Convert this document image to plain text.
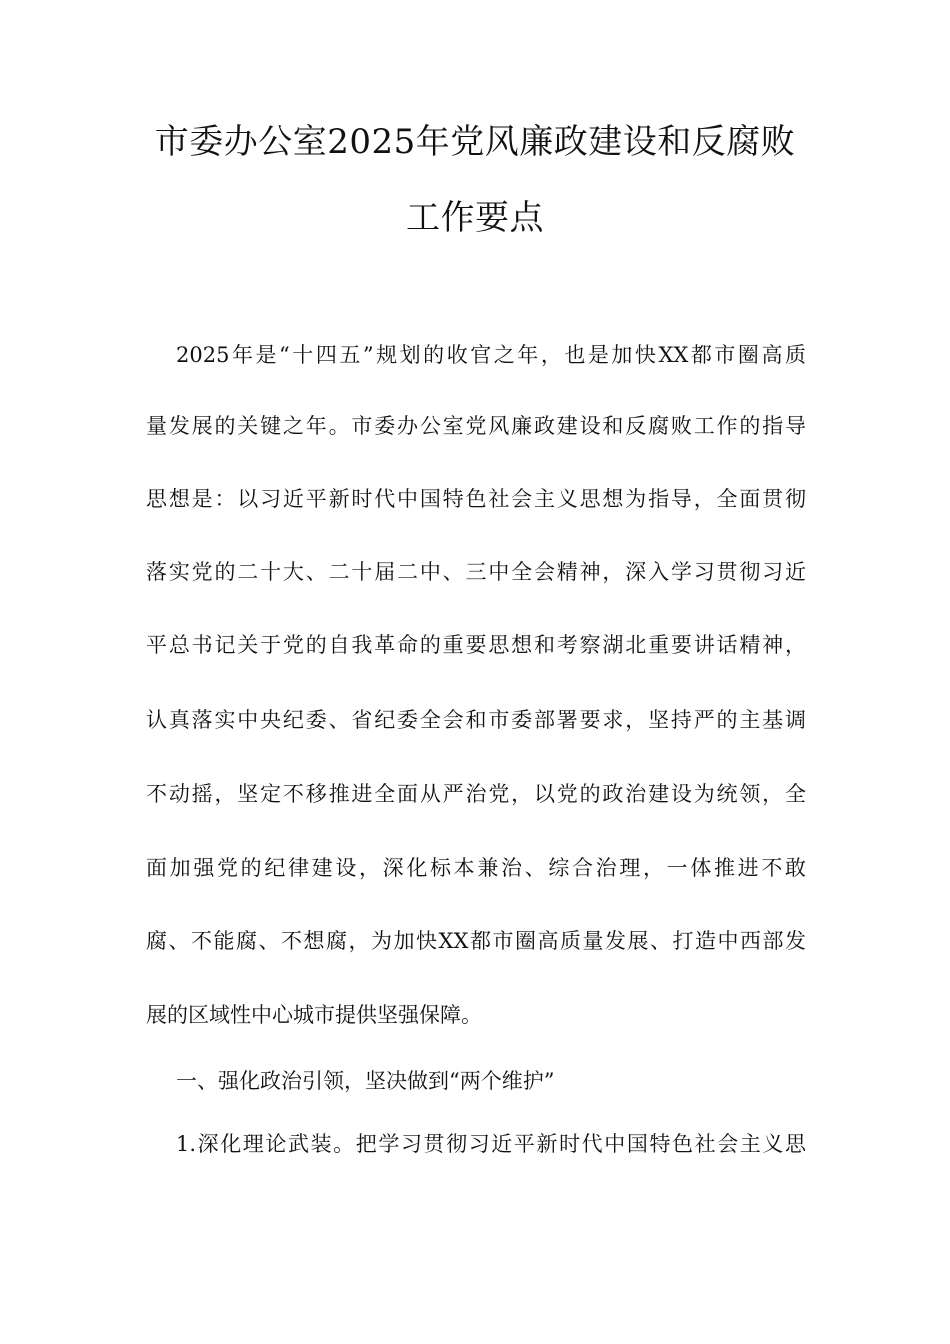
市委办公室2025年党风廉政建设和反腐败
工作要点
2025年是“十四五”规划的收官之年，也是加快XX都市圈高质
量发展的关键之年。市委办公室党风廉政建设和反腐败工作的指导
思想是：以习近平新时代中国特色社会主义思想为指导，全面贯彻
落实党的二十大、二十届二中、三中全会精神，深入学习贯彻习近
平总书记关于党的自我革命的重要思想和考察湖北重要讲话精神，
认真落实中央纪委、省纪委全会和市委部署要求，坚持严的主基调
不动摇，坚定不移推进全面从严治党，以党的政治建设为统领，全
面加强党的纪律建设，深化标本兼治、综合治理，一体推进不敢
腐、不能腐、不想腐，为加快XX都市圈高质量发展、打造中西部发
展的区域性中心城市提供坚强保障。
一、强化政治引领，坚决做到“两个维护”
1.深化理论武装。把学习贯彻习近平新时代中国特色社会主义思
